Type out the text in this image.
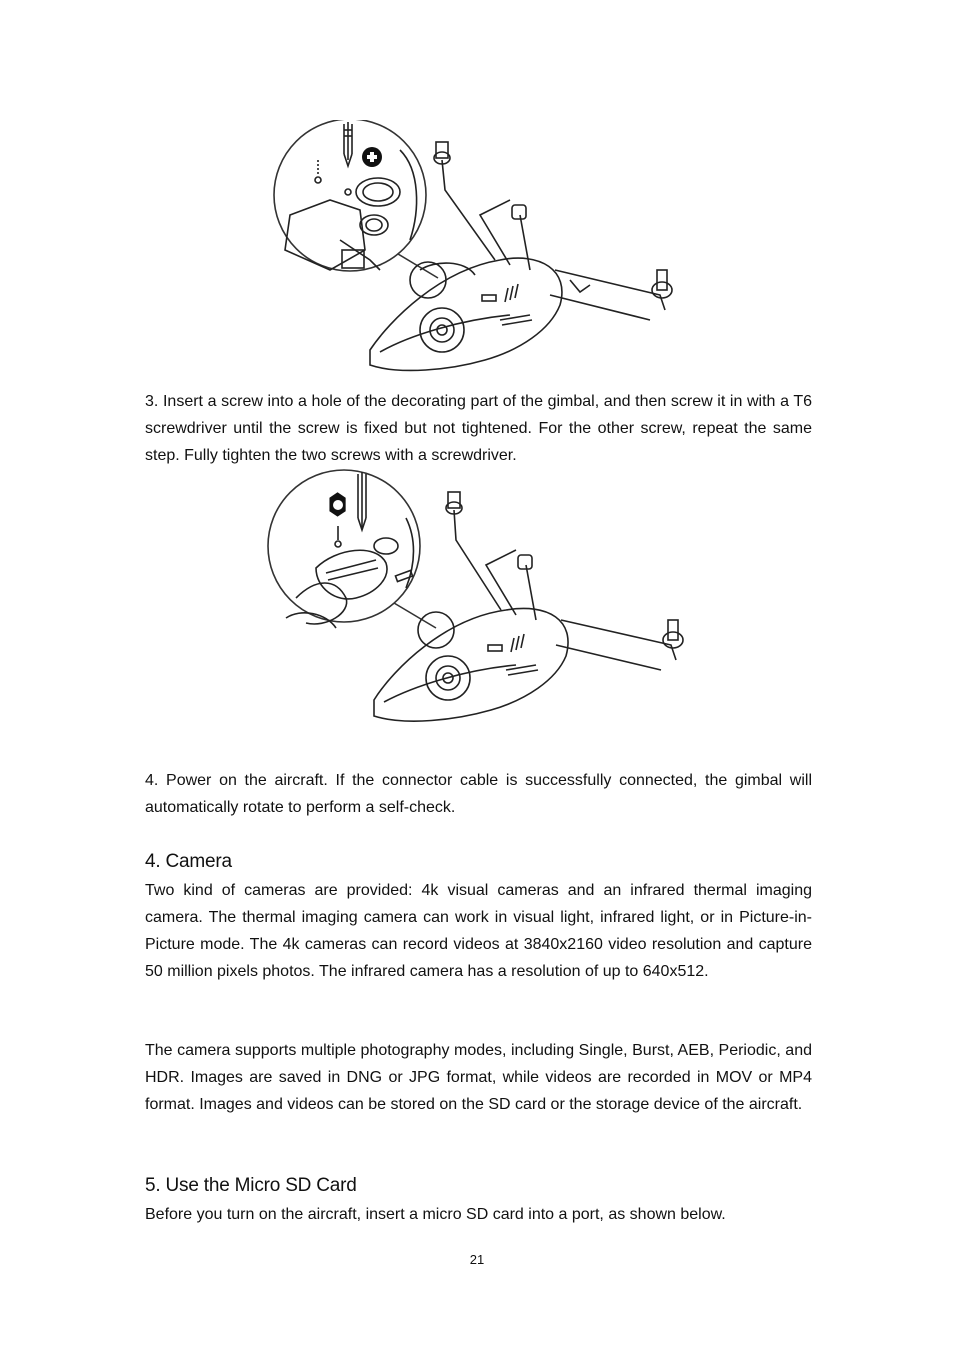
3. Insert a screw into a hole of the decorating part of the gimbal, and then screw it in with a T6 screwdriver until the screw is fixed but not tightened. For the other screw, repeat the same step. Fully tighten the two screws with a screwdriver.

4. Power on the aircraft. If the connector cable is successfully connected, the gimbal will automatically rotate to perform a self-check.

4. Camera

Two kind of cameras are provided: 4k visual cameras and an infrared thermal imaging camera. The thermal imaging camera can work in visual light, infrared light, or in Picture-in-Picture mode. The 4k cameras can record videos at 3840x2160 video resolution and capture 50 million pixels photos. The infrared camera has a resolution of up to 640x512.

The camera supports multiple photography modes, including Single, Burst, AEB, Periodic, and HDR. Images are saved in DNG or JPG format, while videos are recorded in MOV or MP4 format. Images and videos can be stored on the SD card or the storage device of the aircraft.

5. Use the Micro SD Card

Before you turn on the aircraft, insert a micro SD card into a port, as shown below.

21
